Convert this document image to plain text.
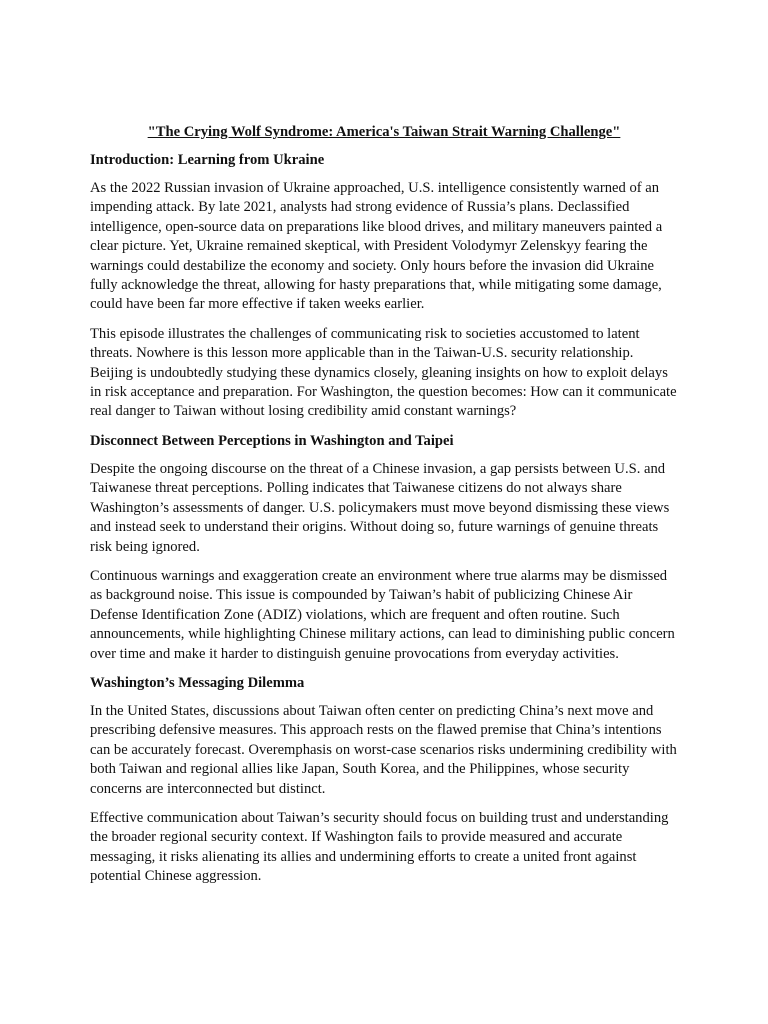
"The Crying Wolf Syndrome: America's Taiwan Strait Warning Challenge"
Introduction: Learning from Ukraine

As the 2022 Russian invasion of Ukraine approached, U.S. intelligence consistently warned of an impending attack. By late 2021, analysts had strong evidence of Russia’s plans. Declassified intelligence, open-source data on preparations like blood drives, and military maneuvers painted a clear picture. Yet, Ukraine remained skeptical, with President Volodymyr Zelenskyy fearing the warnings could destabilize the economy and society. Only hours before the invasion did Ukraine fully acknowledge the threat, allowing for hasty preparations that, while mitigating some damage, could have been far more effective if taken weeks earlier.

This episode illustrates the challenges of communicating risk to societies accustomed to latent threats. Nowhere is this lesson more applicable than in the Taiwan-U.S. security relationship. Beijing is undoubtedly studying these dynamics closely, gleaning insights on how to exploit delays in risk acceptance and preparation. For Washington, the question becomes: How can it communicate real danger to Taiwan without losing credibility amid constant warnings?

Disconnect Between Perceptions in Washington and Taipei

Despite the ongoing discourse on the threat of a Chinese invasion, a gap persists between U.S. and Taiwanese threat perceptions. Polling indicates that Taiwanese citizens do not always share Washington’s assessments of danger. U.S. policymakers must move beyond dismissing these views and instead seek to understand their origins. Without doing so, future warnings of genuine threats risk being ignored.

Continuous warnings and exaggeration create an environment where true alarms may be dismissed as background noise. This issue is compounded by Taiwan’s habit of publicizing Chinese Air Defense Identification Zone (ADIZ) violations, which are frequent and often routine. Such announcements, while highlighting Chinese military actions, can lead to diminishing public concern over time and make it harder to distinguish genuine provocations from everyday activities.

Washington’s Messaging Dilemma

In the United States, discussions about Taiwan often center on predicting China’s next move and prescribing defensive measures. This approach rests on the flawed premise that China’s intentions can be accurately forecast. Overemphasis on worst-case scenarios risks undermining credibility with both Taiwan and regional allies like Japan, South Korea, and the Philippines, whose security concerns are interconnected but distinct.

Effective communication about Taiwan’s security should focus on building trust and understanding the broader regional security context. If Washington fails to provide measured and accurate messaging, it risks alienating its allies and undermining efforts to create a united front against potential Chinese aggression.
